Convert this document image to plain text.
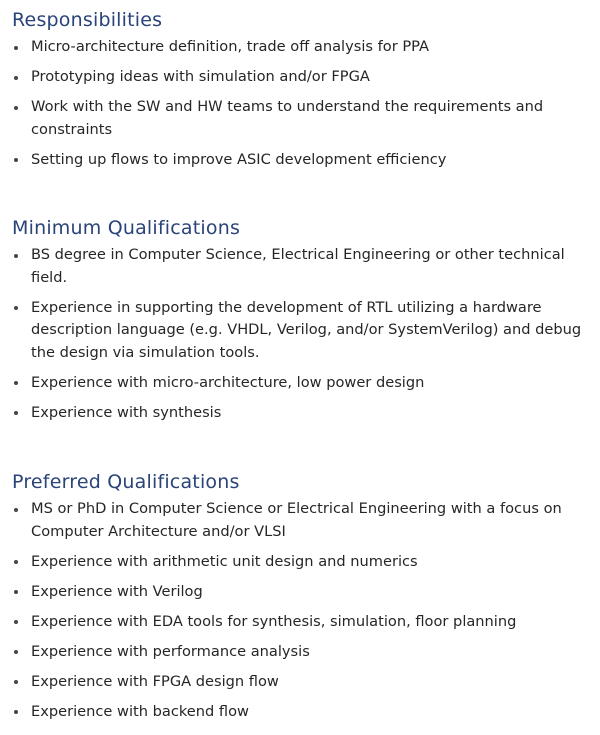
Responsibilities
Micro-architecture definition, trade off analysis for PPA
Prototyping ideas with simulation and/or FPGA
Work with the SW and HW teams to understand the requirements and constraints
Setting up flows to improve ASIC development efficiency
Minimum Qualifications
BS degree in Computer Science, Electrical Engineering or other technical field.
Experience in supporting the development of RTL utilizing a hardware description language (e.g. VHDL, Verilog, and/or SystemVerilog) and debug the design via simulation tools.
Experience with micro-architecture, low power design
Experience with synthesis
Preferred Qualifications
MS or PhD in Computer Science or Electrical Engineering with a focus on Computer Architecture and/or VLSI
Experience with arithmetic unit design and numerics
Experience with Verilog
Experience with EDA tools for synthesis, simulation, floor planning
Experience with performance analysis
Experience with FPGA design flow
Experience with backend flow
